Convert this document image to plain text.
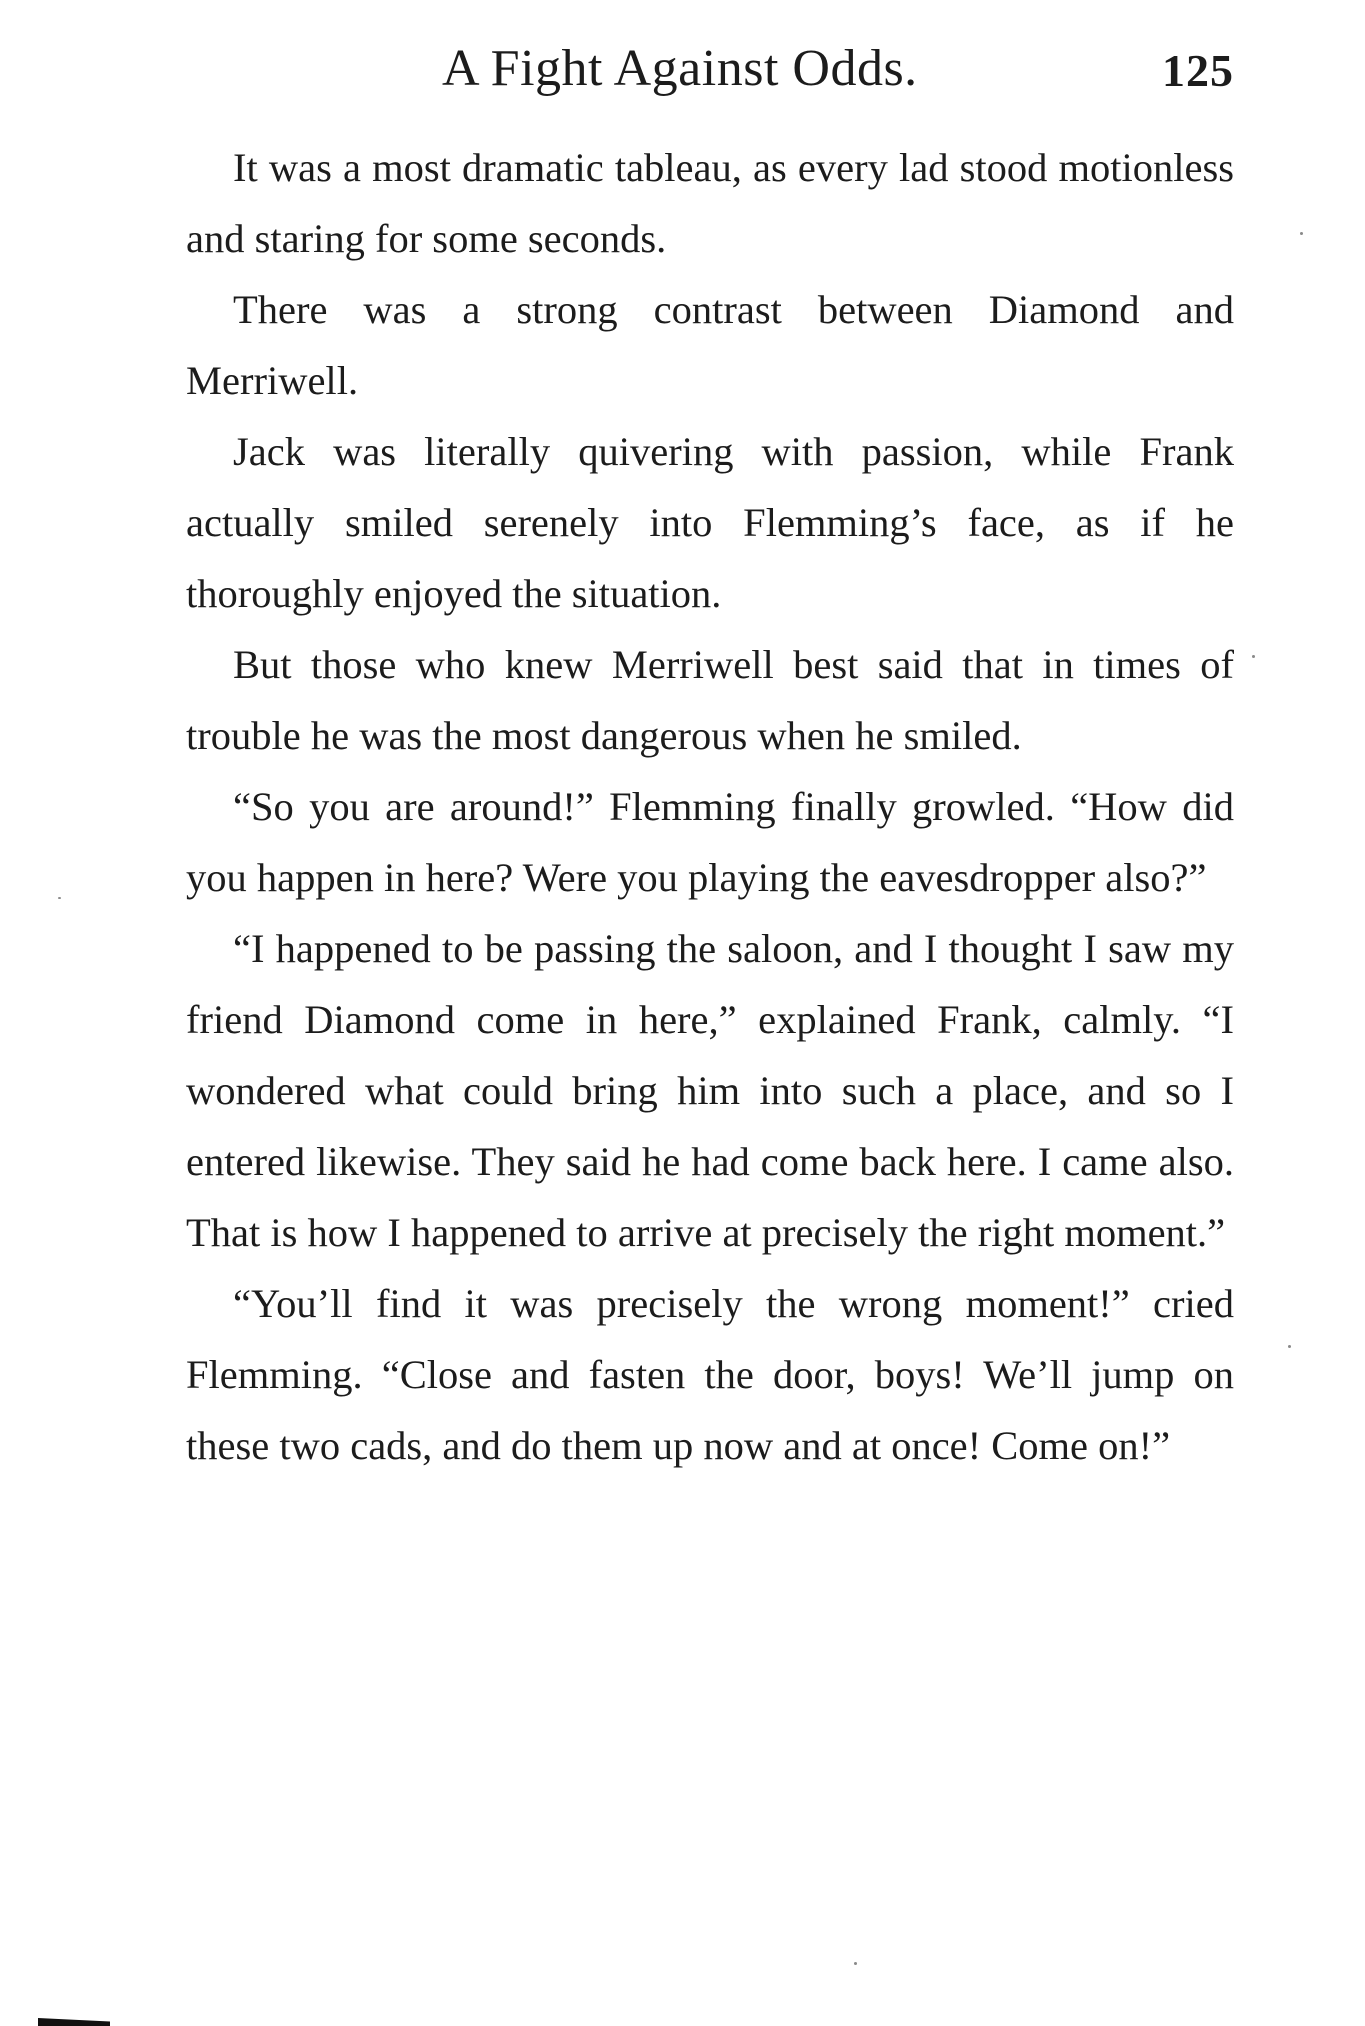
A Fight Against Odds.	125

It was a most dramatic tableau, as every lad stood motionless and staring for some seconds.

There was a strong contrast between Diamond and Merriwell.

Jack was literally quivering with passion, while Frank actually smiled serenely into Flemming’s face, as if he thoroughly enjoyed the situation.

But those who knew Merriwell best said that in times of trouble he was the most dangerous when he smiled.

“So you are around!” Flemming finally growled. “How did you happen in here? Were you playing the eavesdropper also?”

“I happened to be passing the saloon, and I thought I saw my friend Diamond come in here,” explained Frank, calmly. “I wondered what could bring him into such a place, and so I entered likewise. They said he had come back here. I came also. That is how I happened to arrive at precisely the right moment.”

“You’ll find it was precisely the wrong moment!” cried Flemming. “Close and fasten the door, boys! We’ll jump on these two cads, and do them up now and at once! Come on!”
